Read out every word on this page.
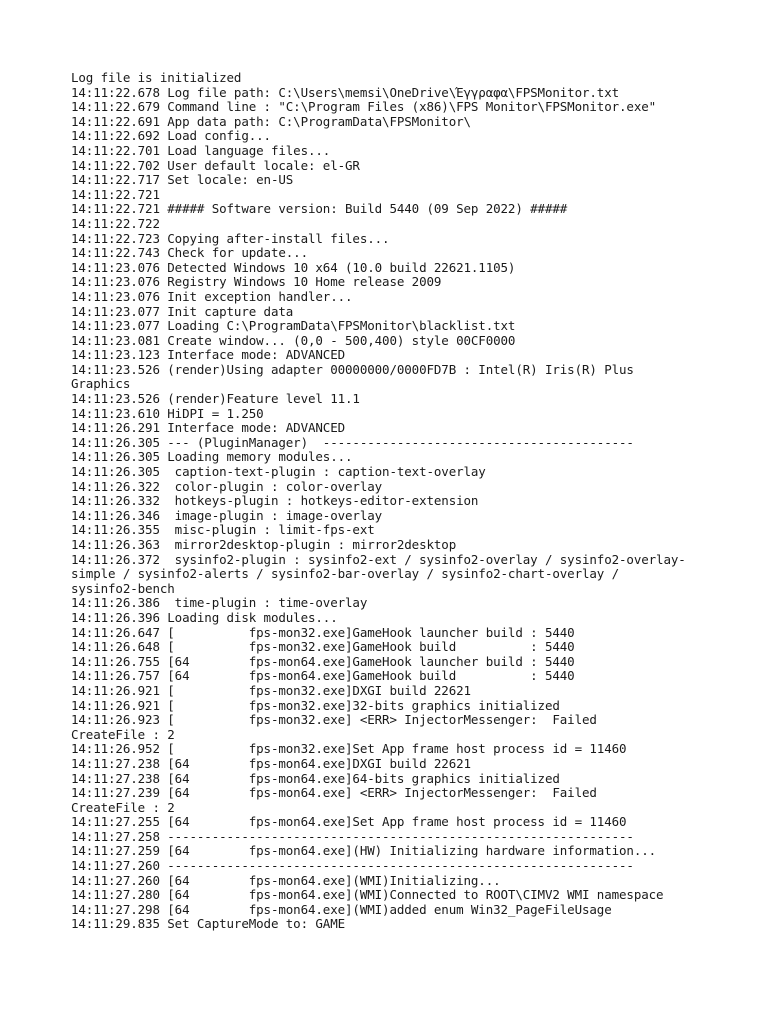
Log file is initialized
14:11:22.678 Log file path: C:\Users\memsi\OneDrive\Έγγραφα\FPSMonitor.txt
14:11:22.679 Command line : "C:\Program Files (x86)\FPS Monitor\FPSMonitor.exe"
14:11:22.691 App data path: C:\ProgramData\FPSMonitor\
14:11:22.692 Load config...
14:11:22.701 Load language files...
14:11:22.702 User default locale: el-GR
14:11:22.717 Set locale: en-US
14:11:22.721
14:11:22.721 ##### Software version: Build 5440 (09 Sep 2022) #####
14:11:22.722
14:11:22.723 Copying after-install files...
14:11:22.743 Check for update...
14:11:23.076 Detected Windows 10 x64 (10.0 build 22621.1105)
14:11:23.076 Registry Windows 10 Home release 2009
14:11:23.076 Init exception handler...
14:11:23.077 Init capture data
14:11:23.077 Loading C:\ProgramData\FPSMonitor\blacklist.txt
14:11:23.081 Create window... (0,0 - 500,400) style 00CF0000
14:11:23.123 Interface mode: ADVANCED
14:11:23.526 (render)Using adapter 00000000/0000FD7B : Intel(R) Iris(R) Plus
Graphics
14:11:23.526 (render)Feature level 11.1
14:11:23.610 HiDPI = 1.250
14:11:26.291 Interface mode: ADVANCED
14:11:26.305 --- (PluginManager)  ------------------------------------------
14:11:26.305 Loading memory modules...
14:11:26.305  caption-text-plugin : caption-text-overlay
14:11:26.322  color-plugin : color-overlay
14:11:26.332  hotkeys-plugin : hotkeys-editor-extension
14:11:26.346  image-plugin : image-overlay
14:11:26.355  misc-plugin : limit-fps-ext
14:11:26.363  mirror2desktop-plugin : mirror2desktop
14:11:26.372  sysinfo2-plugin : sysinfo2-ext / sysinfo2-overlay / sysinfo2-overlay-
simple / sysinfo2-alerts / sysinfo2-bar-overlay / sysinfo2-chart-overlay /
sysinfo2-bench
14:11:26.386  time-plugin : time-overlay
14:11:26.396 Loading disk modules...
14:11:26.647 [          fps-mon32.exe]GameHook launcher build : 5440
14:11:26.648 [          fps-mon32.exe]GameHook build          : 5440
14:11:26.755 [64        fps-mon64.exe]GameHook launcher build : 5440
14:11:26.757 [64        fps-mon64.exe]GameHook build          : 5440
14:11:26.921 [          fps-mon32.exe]DXGI build 22621
14:11:26.921 [          fps-mon32.exe]32-bits graphics initialized
14:11:26.923 [          fps-mon32.exe] <ERR> InjectorMessenger:  Failed
CreateFile : 2
14:11:26.952 [          fps-mon32.exe]Set App frame host process id = 11460
14:11:27.238 [64        fps-mon64.exe]DXGI build 22621
14:11:27.238 [64        fps-mon64.exe]64-bits graphics initialized
14:11:27.239 [64        fps-mon64.exe] <ERR> InjectorMessenger:  Failed
CreateFile : 2
14:11:27.255 [64        fps-mon64.exe]Set App frame host process id = 11460
14:11:27.258 ---------------------------------------------------------------
14:11:27.259 [64        fps-mon64.exe](HW) Initializing hardware information...
14:11:27.260 ---------------------------------------------------------------
14:11:27.260 [64        fps-mon64.exe](WMI)Initializing...
14:11:27.280 [64        fps-mon64.exe](WMI)Connected to ROOT\CIMV2 WMI namespace
14:11:27.298 [64        fps-mon64.exe](WMI)added enum Win32_PageFileUsage
14:11:29.835 Set CaptureMode to: GAME
